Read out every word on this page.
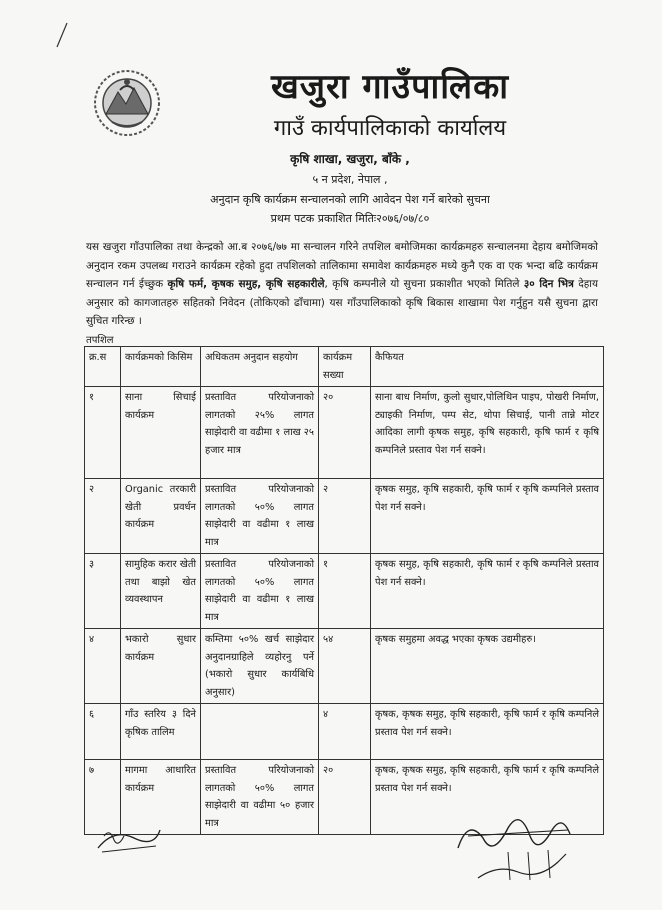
खजुरा गाउँपालिका
गाउँ कार्यपालिकाको कार्यालय
कृषि शाखा, खजुरा, बाँके ,
५ न प्रदेश, नेपाल ,
अनुदान कृषि कार्यक्रम सन्चालनको लागि आवेदन पेश गर्ने बारेको सुचना
प्रथम पटक प्रकाशित मितिः२०७६/०७/८०
यस खजुरा गाँउपालिका तथा केन्द्रको आ.ब २०७६/७७ मा सन्चालन गरिने तपशिल बमोजिमका कार्यक्रमहरु सन्चालनमा देहाय बमोजिमको अनुदान रकम उपलब्ध गराउने कार्यक्रम रहेको हुदा तपशिलको तालिकामा समावेश कार्यक्रमहरु मध्ये कुनै एक वा एक भन्दा बढि कार्यक्रम सन्चालन गर्न ईच्छुक कृषि फर्म, कृषक समुह, कृषि सहकारीले, कृषि कम्पनीले यो सुचना प्रकाशीत भएको मितिले ३० दिन भित्र देहाय अनुसार को कागजातहरु सहितको निवेदन (तोकिएको ढाँचामा) यस गाँउपालिकाको कृषि बिकास शाखामा पेश गर्नुहुन यसै सुचना द्वारा सुचित गरिन्छ ।
तपशिल
क्र.स	कार्यक्रमको किसिम	अधिकतम अनुदान सहयोग	कार्यक्रम सख्या	कैफियत
१	साना सिचाई कार्यक्रम	प्रस्तावित परियोजनाको लागतको २५% लागत साझेदारी वा वढीमा १ लाख २५ हजार मात्र	२०	साना बाध निर्माण, कुलो सुधार,पोलिथिन पाइप, पोखरी निर्माण, ट्याइकी निर्माण, पम्प सेट, थोपा सिचाई, पानी तान्ने मोटर आदिका लागी कृषक समुह, कृषि सहकारी, कृषि फार्म र कृषि कम्पनिले प्रस्ताव पेश गर्न सक्ने।
२	Organic तरकारी खेती प्रवर्धन कार्यक्रम	प्रस्तावित परियोजनाको लागतको ५०% लागत साझेदारी वा वढीमा १ लाख मात्र	२	कृषक समुह, कृषि सहकारी, कृषि फार्म र कृषि कम्पनिले प्रस्ताव पेश गर्न सक्ने।
३	सामुहिक करार खेती तथा बाझो खेत व्यवस्थापन	प्रस्तावित परियोजनाको लागतको ५०% लागत साझेदारी वा वढीमा १ लाख मात्र	१	कृषक समुह, कृषि सहकारी, कृषि फार्म र कृषि कम्पनिले प्रस्ताव पेश गर्न सक्ने।
४	भकारो सुधार कार्यक्रम	कम्तिमा ५०% खर्च साझेदार अनुदानग्राहिले व्यहोरनु पर्ने (भकारो सुधार कार्यबिधि अनुसार)	५४	कृषक समुहमा अवद्ध भएका कृषक उद्यमीहरु।
६	गाँउ स्तरिय ३ दिने कृषिक तालिम		४	कृषक, कृषक समुह, कृषि सहकारी, कृषि फार्म र कृषि कम्पनिले प्रस्ताव पेश गर्न सक्ने।
७	मागमा आधारित कार्यक्रम	प्रस्तावित परियोजनाको लागतको ५०% लागत साझेदारी वा वढीमा ५० हजार मात्र	२०	कृषक, कृषक समुह, कृषि सहकारी, कृषि फार्म र कृषि कम्पनिले प्रस्ताव पेश गर्न सक्ने।
